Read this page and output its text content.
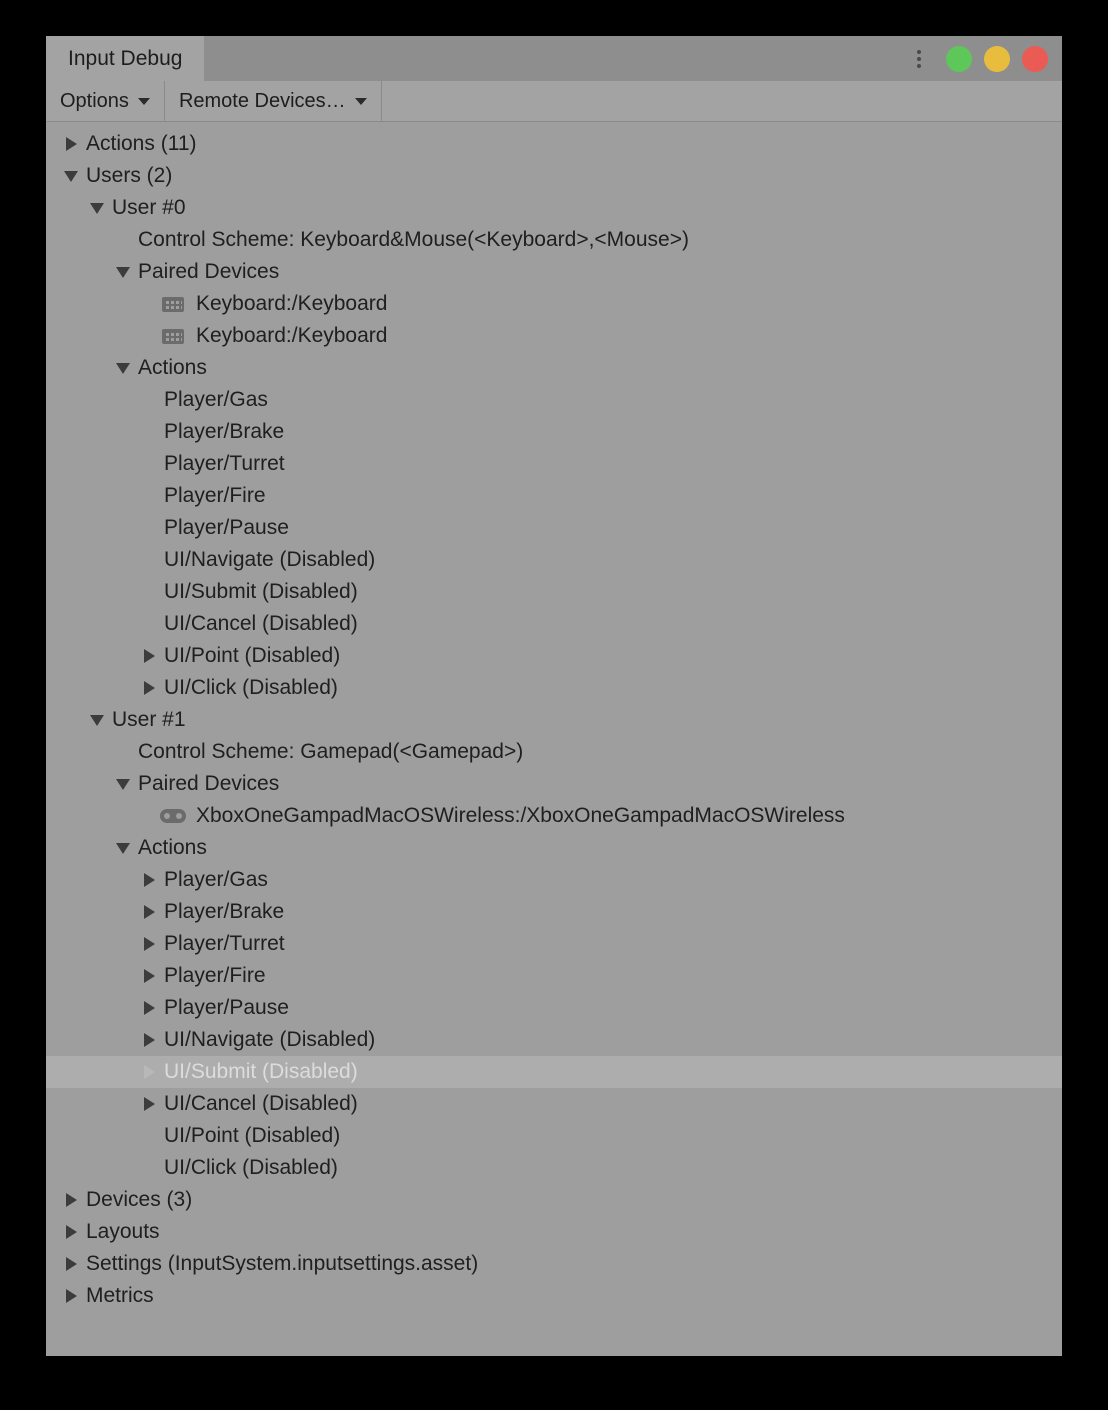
Input Debug
Options	Remote Devices…
Actions (11)
Users (2)
User #0
Control Scheme: Keyboard&Mouse(<Keyboard>,<Mouse>)
Paired Devices
Keyboard:/Keyboard
Keyboard:/Keyboard
Actions
Player/Gas
Player/Brake
Player/Turret
Player/Fire
Player/Pause
UI/Navigate (Disabled)
UI/Submit (Disabled)
UI/Cancel (Disabled)
UI/Point (Disabled)
UI/Click (Disabled)
User #1
Control Scheme: Gamepad(<Gamepad>)
Paired Devices
XboxOneGampadMacOSWireless:/XboxOneGampadMacOSWireless
Actions
Player/Gas
Player/Brake
Player/Turret
Player/Fire
Player/Pause
UI/Navigate (Disabled)
UI/Submit (Disabled)
UI/Cancel (Disabled)
UI/Point (Disabled)
UI/Click (Disabled)
Devices (3)
Layouts
Settings (InputSystem.inputsettings.asset)
Metrics
